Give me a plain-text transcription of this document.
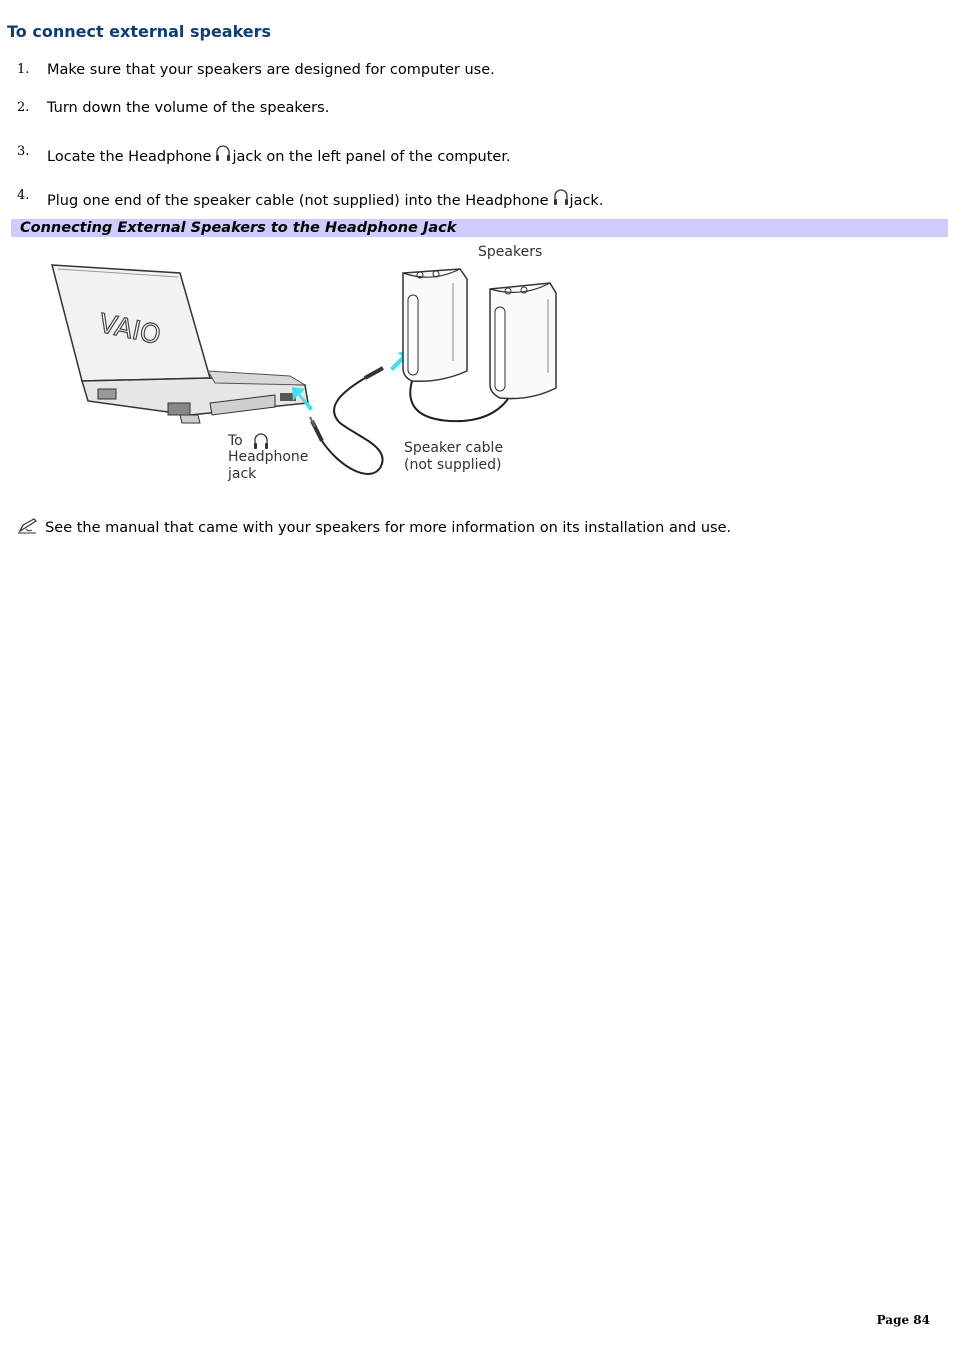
To connect external speakers
1. Make sure that your speakers are designed for computer use.
2. Turn down the volume of the speakers.
3. Locate the Headphone jack on the left panel of the computer.
4. Plug one end of the speaker cable (not supplied) into the Headphone jack.
Connecting External Speakers to the Headphone Jack
VAIO
Speakers
To
Headphone
jack
Speaker cable
(not supplied)
See the manual that came with your speakers for more information on its installation and use.
Page 84
